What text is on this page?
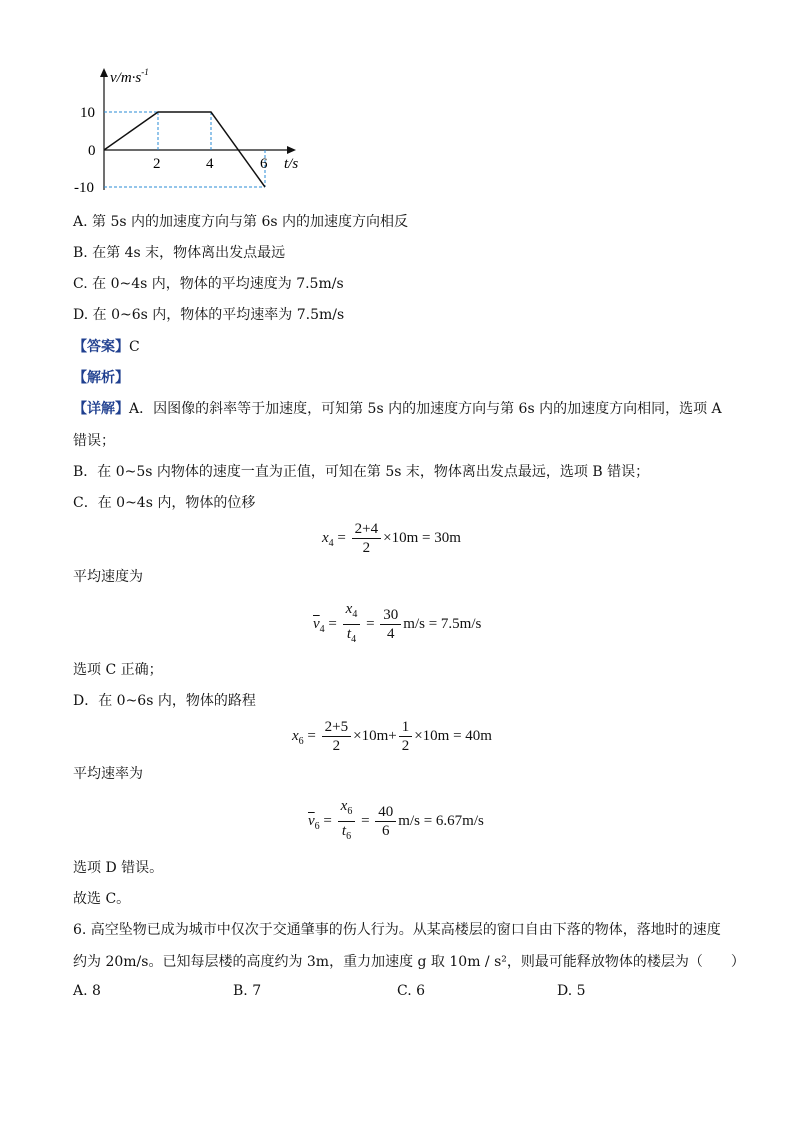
$v/m\cdot s^{-1}$
10
0
-10
2	4	6 t/s
A. 第 5s 内的加速度方向与第 6s 内的加速度方向相反
B. 在第 4s 末，物体离出发点最远
C. 在 0~4s 内，物体的平均速度为 7.5m/s
D. 在 0~6s 内，物体的平均速率为 7.5m/s
【答案】C
【解析】
【详解】A．因图像的斜率等于加速度，可知第 5s 内的加速度方向与第 6s 内的加速度方向相同，选项 A
错误；
B．在 0~5s 内物体的速度一直为正值，可知在第 5s 末，物体离出发点最远，选项 B 错误；
C．在 0~4s 内，物体的位移
$x_4 = \frac{2+4}{2} \times 10m = 30m$
平均速度为
$\overline{v}_4 = \frac{x_4}{t_4} = \frac{30}{4} m/s = 7.5m/s$
选项 C 正确；
D．在 0~6s 内，物体的路程
$x_6 = \frac{2+5}{2} \times 10m+ \frac{1}{2} \times 10m = 40m$
平均速率为
$\overline{v}_6 = \frac{x_6}{t_6} = \frac{40}{6} m/s = 6.67m/s$
选项 D 错误。
故选 C。
6. 高空坠物已成为城市中仅次于交通肇事的伤人行为。从某高楼层的窗口自由下落的物体，落地时的速度
约为 20m/s。已知每层楼的高度约为 3m，重力加速度 g 取 10m / s²，则最可能释放物体的楼层为（　　）
A. 8	B. 7	C. 6	D. 5
